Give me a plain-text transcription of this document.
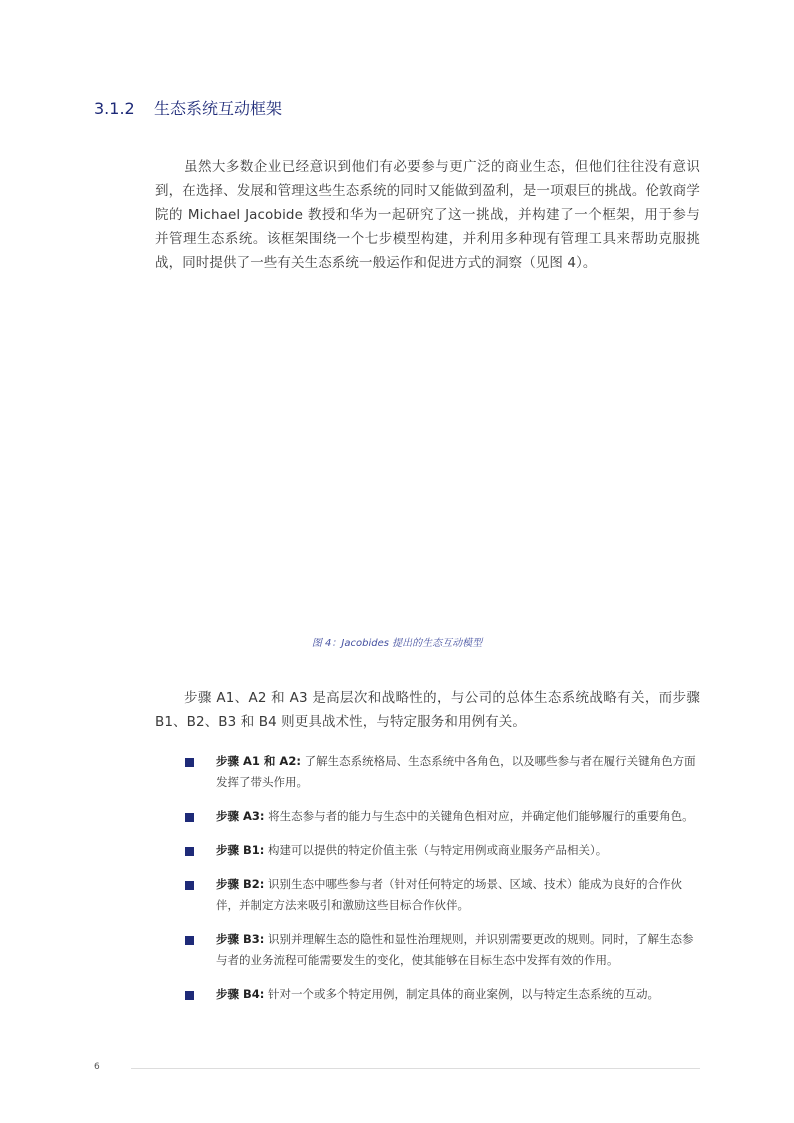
3.1.2 生态系统互动框架

虽然大多数企业已经意识到他们有必要参与更广泛的商业生态，但他们往往没有意识到，在选择、发展和管理这些生态系统的同时又能做到盈利，是一项艰巨的挑战。伦敦商学院的 Michael Jacobide 教授和华为一起研究了这一挑战，并构建了一个框架，用于参与并管理生态系统。该框架围绕一个七步模型构建，并利用多种现有管理工具来帮助克服挑战，同时提供了一些有关生态系统一般运作和促进方式的洞察（见图 4）。

图 4：Jacobides 提出的生态互动模型

步骤 A1、A2 和 A3 是高层次和战略性的，与公司的总体生态系统战略有关，而步骤 B1、B2、B3 和 B4 则更具战术性，与特定服务和用例有关。

步骤 A1 和 A2: 了解生态系统格局、生态系统中各角色，以及哪些参与者在履行关键角色方面发挥了带头作用。
步骤 A3: 将生态参与者的能力与生态中的关键角色相对应，并确定他们能够履行的重要角色。
步骤 B1: 构建可以提供的特定价值主张（与特定用例或商业服务产品相关）。
步骤 B2: 识别生态中哪些参与者（针对任何特定的场景、区域、技术）能成为良好的合作伙伴，并制定方法来吸引和激励这些目标合作伙伴。
步骤 B3: 识别并理解生态的隐性和显性治理规则，并识别需要更改的规则。同时，了解生态参与者的业务流程可能需要发生的变化，使其能够在目标生态中发挥有效的作用。
步骤 B4: 针对一个或多个特定用例，制定具体的商业案例，以与特定生态系统的互动。
6
